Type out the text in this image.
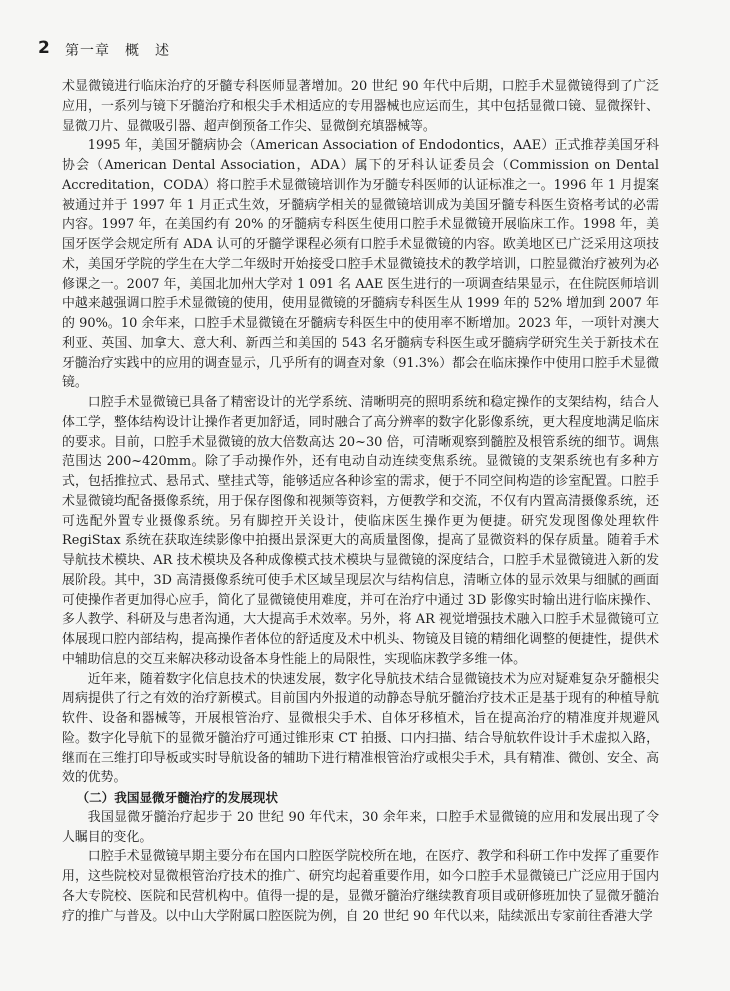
2 第一章　概　述

术显微镜进行临床治疗的牙髓专科医师显著增加。20 世纪 90 年代中后期，口腔手术显微镜得到了广泛应用，一系列与镜下牙髓治疗和根尖手术相适应的专用器械也应运而生，其中包括显微口镜、显微探针、显微刀片、显微吸引器、超声倒预备工作尖、显微倒充填器械等。

1995 年，美国牙髓病协会（American Association of Endodontics，AAE）正式推荐美国牙科协会（American Dental Association，ADA）属下的牙科认证委员会（Commission on Dental Accreditation，CODA）将口腔手术显微镜培训作为牙髓专科医师的认证标准之一。1996 年 1 月提案被通过并于 1997 年 1 月正式生效，牙髓病学相关的显微镜培训成为美国牙髓专科医生资格考试的必需内容。1997 年，在美国约有 20% 的牙髓病专科医生使用口腔手术显微镜开展临床工作。1998 年，美国牙医学会规定所有 ADA 认可的牙髓学课程必须有口腔手术显微镜的内容。欧美地区已广泛采用这项技术，美国牙学院的学生在大学二年级时开始接受口腔手术显微镜技术的教学培训，口腔显微治疗被列为必修课之一。2007 年，美国北加州大学对 1 091 名 AAE 医生进行的一项调查结果显示，在住院医师培训中越来越强调口腔手术显微镜的使用，使用显微镜的牙髓病专科医生从 1999 年的 52% 增加到 2007 年的 90%。10 余年来，口腔手术显微镜在牙髓病专科医生中的使用率不断增加。2023 年，一项针对澳大利亚、英国、加拿大、意大利、新西兰和美国的 543 名牙髓病专科医生或牙髓病学研究生关于新技术在牙髓治疗实践中的应用的调查显示，几乎所有的调查对象（91.3%）都会在临床操作中使用口腔手术显微镜。

口腔手术显微镜已具备了精密设计的光学系统、清晰明亮的照明系统和稳定操作的支架结构，结合人体工学，整体结构设计让操作者更加舒适，同时融合了高分辨率的数字化影像系统，更大程度地满足临床的要求。目前，口腔手术显微镜的放大倍数高达 20~30 倍，可清晰观察到髓腔及根管系统的细节。调焦范围达 200~420mm。除了手动操作外，还有电动自动连续变焦系统。显微镜的支架系统也有多种方式，包括推拉式、悬吊式、壁挂式等，能够适应各种诊室的需求，便于不同空间构造的诊室配置。口腔手术显微镜均配备摄像系统，用于保存图像和视频等资料，方便教学和交流，不仅有内置高清摄像系统，还可选配外置专业摄像系统。另有脚控开关设计，使临床医生操作更为便捷。研究发现图像处理软件 RegiStax 系统在获取连续影像中拍摄出景深更大的高质量图像，提高了显微资料的保存质量。随着手术导航技术模块、AR 技术模块及各种成像模式技术模块与显微镜的深度结合，口腔手术显微镜进入新的发展阶段。其中，3D 高清摄像系统可使手术区域呈现层次与结构信息，清晰立体的显示效果与细腻的画面可使操作者更加得心应手，简化了显微镜使用难度，并可在治疗中通过 3D 影像实时输出进行临床操作、多人教学、科研及与患者沟通，大大提高手术效率。另外，将 AR 视觉增强技术融入口腔手术显微镜可立体展现口腔内部结构，提高操作者体位的舒适度及术中机头、物镜及目镜的精细化调整的便捷性，提供术中辅助信息的交互来解决移动设备本身性能上的局限性，实现临床教学多维一体。

近年来，随着数字化信息技术的快速发展，数字化导航技术结合显微镜技术为应对疑难复杂牙髓根尖周病提供了行之有效的治疗新模式。目前国内外报道的动静态导航牙髓治疗技术正是基于现有的种植导航软件、设备和器械等，开展根管治疗、显微根尖手术、自体牙移植术，旨在提高治疗的精准度并规避风险。数字化导航下的显微牙髓治疗可通过锥形束 CT 拍摄、口内扫描、结合导航软件设计手术虚拟入路，继而在三维打印导板或实时导航设备的辅助下进行精准根管治疗或根尖手术，具有精准、微创、安全、高效的优势。

（二）我国显微牙髓治疗的发展现状

我国显微牙髓治疗起步于 20 世纪 90 年代末，30 余年来，口腔手术显微镜的应用和发展出现了令人瞩目的变化。

口腔手术显微镜早期主要分布在国内口腔医学院校所在地，在医疗、教学和科研工作中发挥了重要作用，这些院校对显微根管治疗技术的推广、研究均起着重要作用，如今口腔手术显微镜已广泛应用于国内各大专院校、医院和民营机构中。值得一提的是，显微牙髓治疗继续教育项目或研修班加快了显微牙髓治疗的推广与普及。以中山大学附属口腔医院为例，自 20 世纪 90 年代以来，陆续派出专家前往香港大学
